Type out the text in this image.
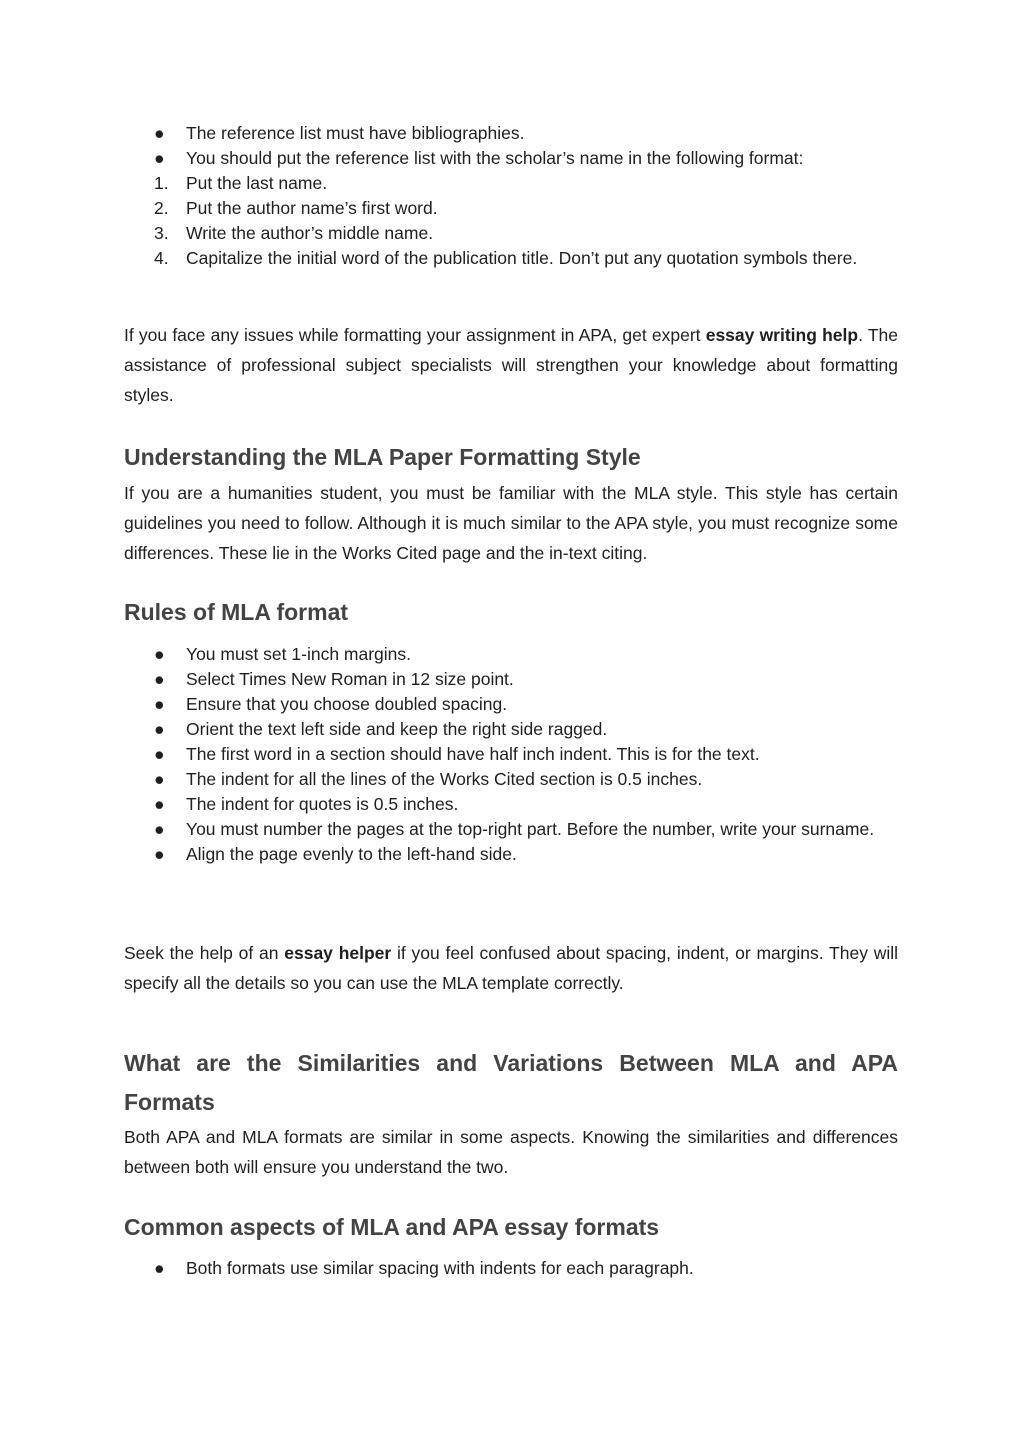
●	The reference list must have bibliographies.
●	You should put the reference list with the scholar’s name in the following format:
1. Put the last name.
2. Put the author name’s first word.
3. Write the author’s middle name.
4. Capitalize the initial word of the publication title. Don’t put any quotation symbols there.

If you face any issues while formatting your assignment in APA, get expert essay writing help. The assistance of professional subject specialists will strengthen your knowledge about formatting styles.

Understanding the MLA Paper Formatting Style

If you are a humanities student, you must be familiar with the MLA style. This style has certain guidelines you need to follow. Although it is much similar to the APA style, you must recognize some differences. These lie in the Works Cited page and the in-text citing.

Rules of MLA format
●	You must set 1-inch margins.
●	Select Times New Roman in 12 size point.
●	Ensure that you choose doubled spacing.
●	Orient the text left side and keep the right side ragged.
●	The first word in a section should have half inch indent. This is for the text.
●	The indent for all the lines of the Works Cited section is 0.5 inches.
●	The indent for quotes is 0.5 inches.
●	You must number the pages at the top-right part. Before the number, write your surname.
●	Align the page evenly to the left-hand side.

Seek the help of an essay helper if you feel confused about spacing, indent, or margins. They will specify all the details so you can use the MLA template correctly.

What are the Similarities and Variations Between MLA and APA Formats

Both APA and MLA formats are similar in some aspects. Knowing the similarities and differences between both will ensure you understand the two.

Common aspects of MLA and APA essay formats
●	Both formats use similar spacing with indents for each paragraph.
